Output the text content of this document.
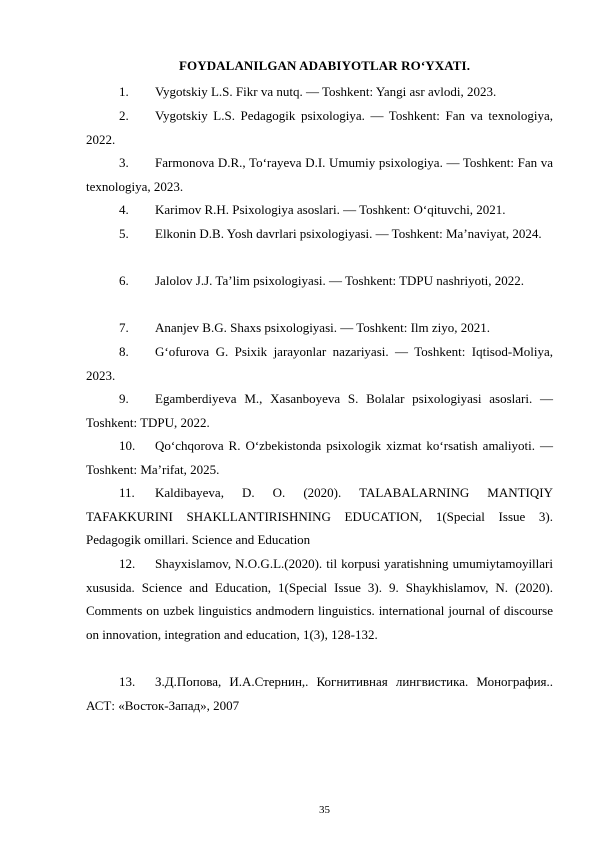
FOYDALANILGAN ADABIYOTLAR RO‘YXATI.
1.	Vygotskiy L.S. Fikr va nutq. — Toshkent: Yangi asr avlodi, 2023.
2.	Vygotskiy L.S. Pedagogik psixologiya. — Toshkent: Fan va texnologiya, 2022.
3.	Farmonova D.R., To‘rayeva D.I. Umumiy psixologiya. — Toshkent: Fan va texnologiya, 2023.
4.	Karimov R.H. Psixologiya asoslari. — Toshkent: O‘qituvchi, 2021.
5.	Elkonin D.B. Yosh davrlari psixologiyasi. — Toshkent: Ma’naviyat, 2024.
6.	Jalolov J.J. Ta’lim psixologiyasi. — Toshkent: TDPU nashriyoti, 2022.
7.	Ananjev B.G. Shaxs psixologiyasi. — Toshkent: Ilm ziyo, 2021.
8.	G‘ofurova G. Psixik jarayonlar nazariyasi. — Toshkent: Iqtisod-Moliya, 2023.
9.	Egamberdiyeva M., Xasanboyeva S. Bolalar psixologiyasi asoslari. — Toshkent: TDPU, 2022.
10.	Qo‘chqorova R. O‘zbekistonda psixologik xizmat ko‘rsatish amaliyoti. — Toshkent: Ma’rifat, 2025.
11.	Kaldibayeva, D. O. (2020). TALABALARNING MANTIQIY TAFAKKURINI SHAKLLANTIRISHNING EDUCATION, 1(Special Issue 3). Pedagogik omillari. Science and Education
12.	Shayxislamov, N.O.G.L.(2020). til korpusi yaratishning umumiytamoyillari xususida. Science and Education, 1(Special Issue 3). 9. Shaykhislamov, N. (2020). Comments on uzbek linguistics andmodern linguistics. international journal of discourse on innovation, integration and education, 1(3), 128-132.
13.	З.Д.Попова, И.А.Стернин,. Когнитивная лингвистика. Монография.. АСТ: «Восток-Запад», 2007
35
